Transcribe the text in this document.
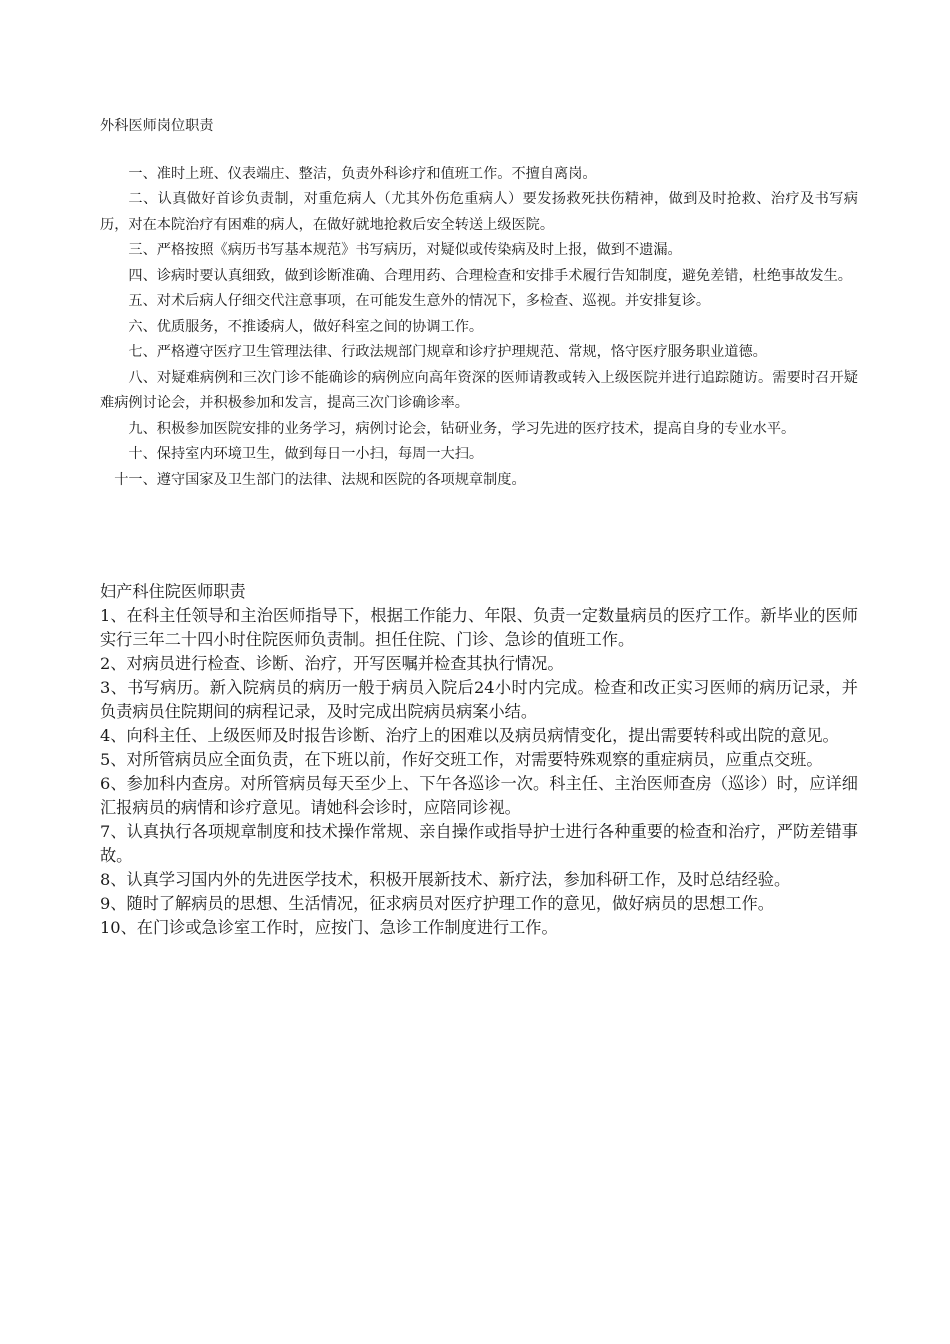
外科医师岗位职责

一、准时上班、仪表端庄、整洁，负责外科诊疗和值班工作。不擅自离岗。

二、认真做好首诊负责制，对重危病人（尤其外伤危重病人）要发扬救死扶伤精神，做到及时抢救、治疗及书写病历，对在本院治疗有困难的病人，在做好就地抢救后安全转送上级医院。

三、严格按照《病历书写基本规范》书写病历，对疑似或传染病及时上报，做到不遗漏。

四、诊病时要认真细致，做到诊断准确、合理用药、合理检查和安排手术履行告知制度，避免差错，杜绝事故发生。

五、对术后病人仔细交代注意事项，在可能发生意外的情况下，多检查、巡视。并安排复诊。

六、优质服务，不推诿病人，做好科室之间的协调工作。

七、严格遵守医疗卫生管理法律、行政法规部门规章和诊疗护理规范、常规，恪守医疗服务职业道德。

八、对疑难病例和三次门诊不能确诊的病例应向高年资深的医师请教或转入上级医院并进行追踪随访。需要时召开疑难病例讨论会，并积极参加和发言，提高三次门诊确诊率。

九、积极参加医院安排的业务学习，病例讨论会，钻研业务，学习先进的医疗技术，提高自身的专业水平。

十、保持室内环境卫生，做到每日一小扫，每周一大扫。

十一、遵守国家及卫生部门的法律、法规和医院的各项规章制度。

妇产科住院医师职责

1、在科主任领导和主治医师指导下，根据工作能力、年限、负责一定数量病员的医疗工作。新毕业的医师实行三年二十四小时住院医师负责制。担任住院、门诊、急诊的值班工作。

2、对病员进行检查、诊断、治疗，开写医嘱并检查其执行情况。

3、书写病历。新入院病员的病历一般于病员入院后24小时内完成。检查和改正实习医师的病历记录，并负责病员住院期间的病程记录，及时完成出院病员病案小结。

4、向科主任、上级医师及时报告诊断、治疗上的困难以及病员病情变化，提出需要转科或出院的意见。

5、对所管病员应全面负责，在下班以前，作好交班工作，对需要特殊观察的重症病员，应重点交班。

6、参加科内查房。对所管病员每天至少上、下午各巡诊一次。科主任、主治医师查房（巡诊）时，应详细汇报病员的病情和诊疗意见。请她科会诊时，应陪同诊视。

7、认真执行各项规章制度和技术操作常规、亲自操作或指导护士进行各种重要的检查和治疗，严防差错事故。

8、认真学习国内外的先进医学技术，积极开展新技术、新疗法，参加科研工作，及时总结经验。

9、随时了解病员的思想、生活情况，征求病员对医疗护理工作的意见，做好病员的思想工作。

10、在门诊或急诊室工作时，应按门、急诊工作制度进行工作。
